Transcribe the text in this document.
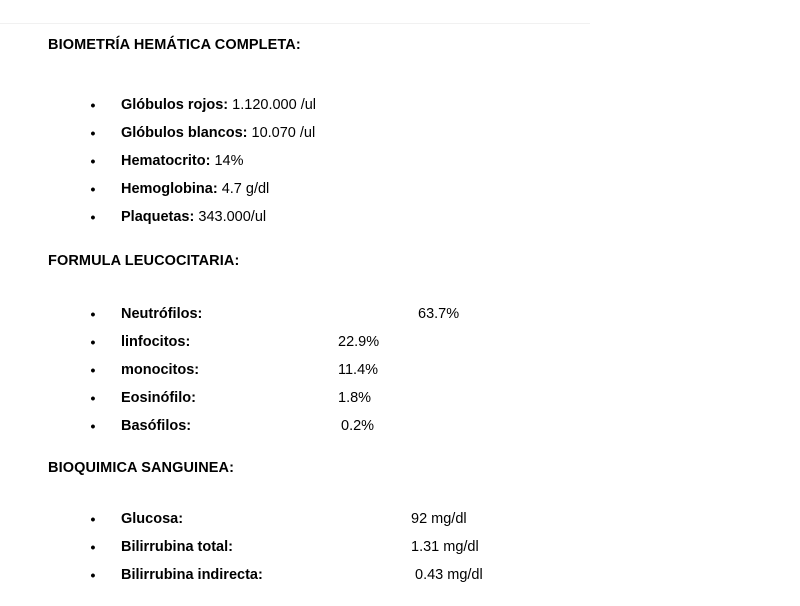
BIOMETRÍA HEMÁTICA COMPLETA:
• Glóbulos rojos: 1.120.000 /ul
• Glóbulos blancos: 10.070 /ul
• Hematocrito: 14%
• Hemoglobina: 4.7 g/dl
• Plaquetas: 343.000/ul
FORMULA LEUCOCITARIA:
• Neutrófilos:	63.7%
• linfocitos:	22.9%
• monocitos:	11.4%
• Eosinófilo:	1.8%
• Basófilos:	0.2%
BIOQUIMICA SANGUINEA:
• Glucosa:	92 mg/dl
• Bilirrubina total:	1.31 mg/dl
• Bilirrubina indirecta:	0.43 mg/dl
